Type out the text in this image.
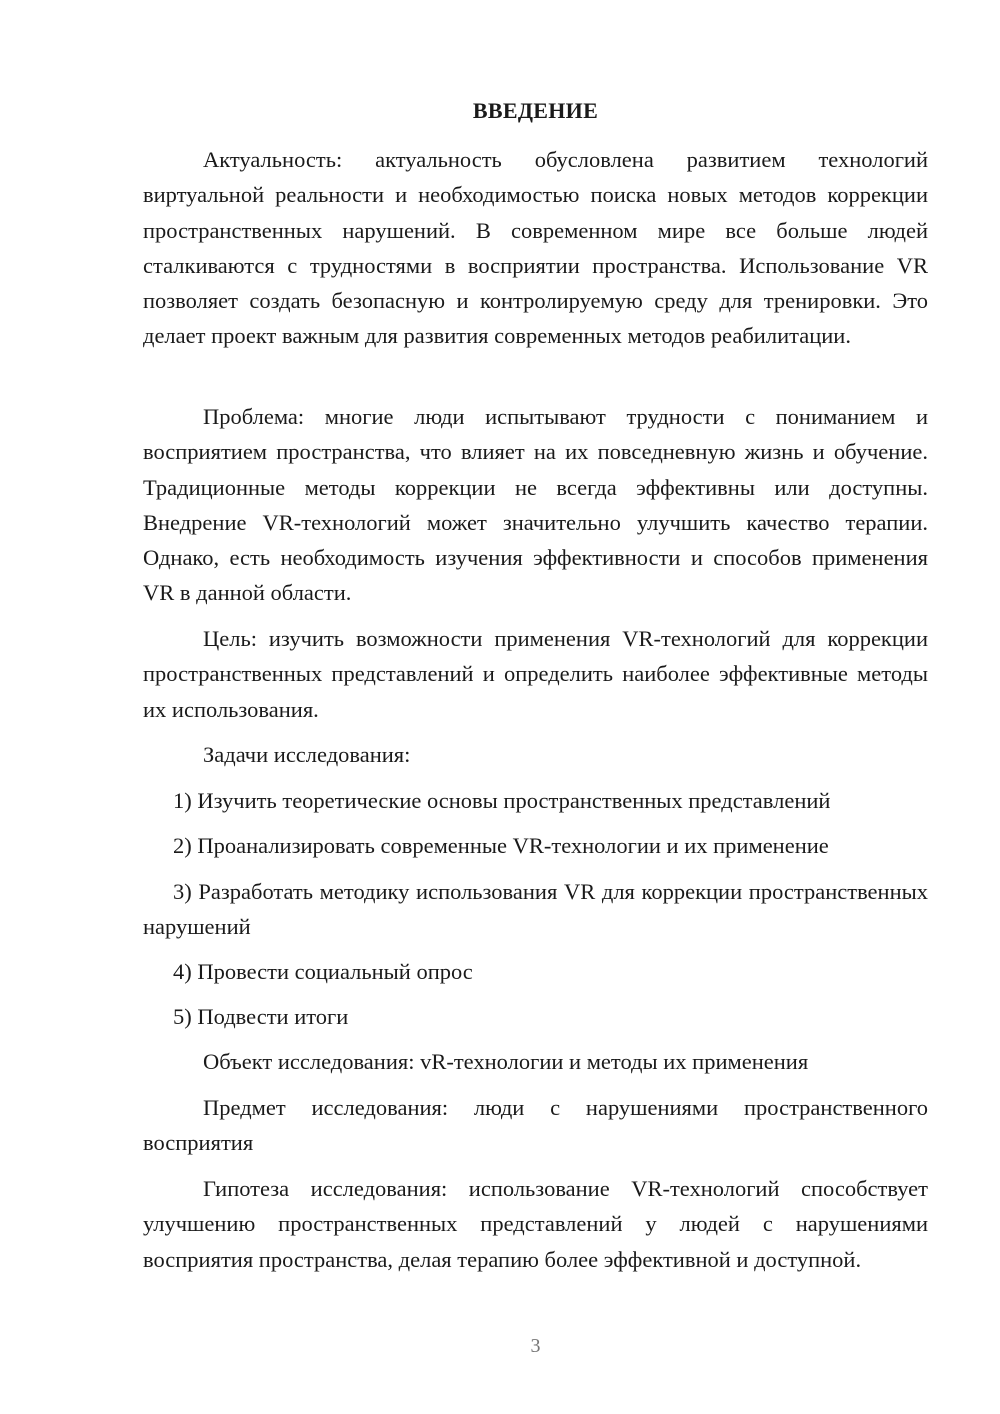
ВВЕДЕНИЕ

Актуальность: актуальность обусловлена развитием технологий виртуальной реальности и необходимостью поиска новых методов коррекции пространственных нарушений. В современном мире все больше людей сталкиваются с трудностями в восприятии пространства. Использование VR позволяет создать безопасную и контролируемую среду для тренировки. Это делает проект важным для развития современных методов реабилитации.

Проблема: многие люди испытывают трудности с пониманием и восприятием пространства, что влияет на их повседневную жизнь и обучение. Традиционные методы коррекции не всегда эффективны или доступны. Внедрение VR-технологий может значительно улучшить качество терапии. Однако, есть необходимость изучения эффективности и способов применения VR в данной области.

Цель: изучить возможности применения VR-технологий для коррекции пространственных представлений и определить наиболее эффективные методы их использования.

Задачи исследования:

1) Изучить теоретические основы пространственных представлений

2) Проанализировать современные VR-технологии и их применение

3) Разработать методику использования VR для коррекции пространственных нарушений

4) Провести социальный опрос

5) Подвести итоги

Объект исследования: vR-технологии и методы их применения

Предмет исследования: люди с нарушениями пространственного восприятия

Гипотеза исследования: использование VR-технологий способствует улучшению пространственных представлений у людей с нарушениями восприятия пространства, делая терапию более эффективной и доступной.

3
